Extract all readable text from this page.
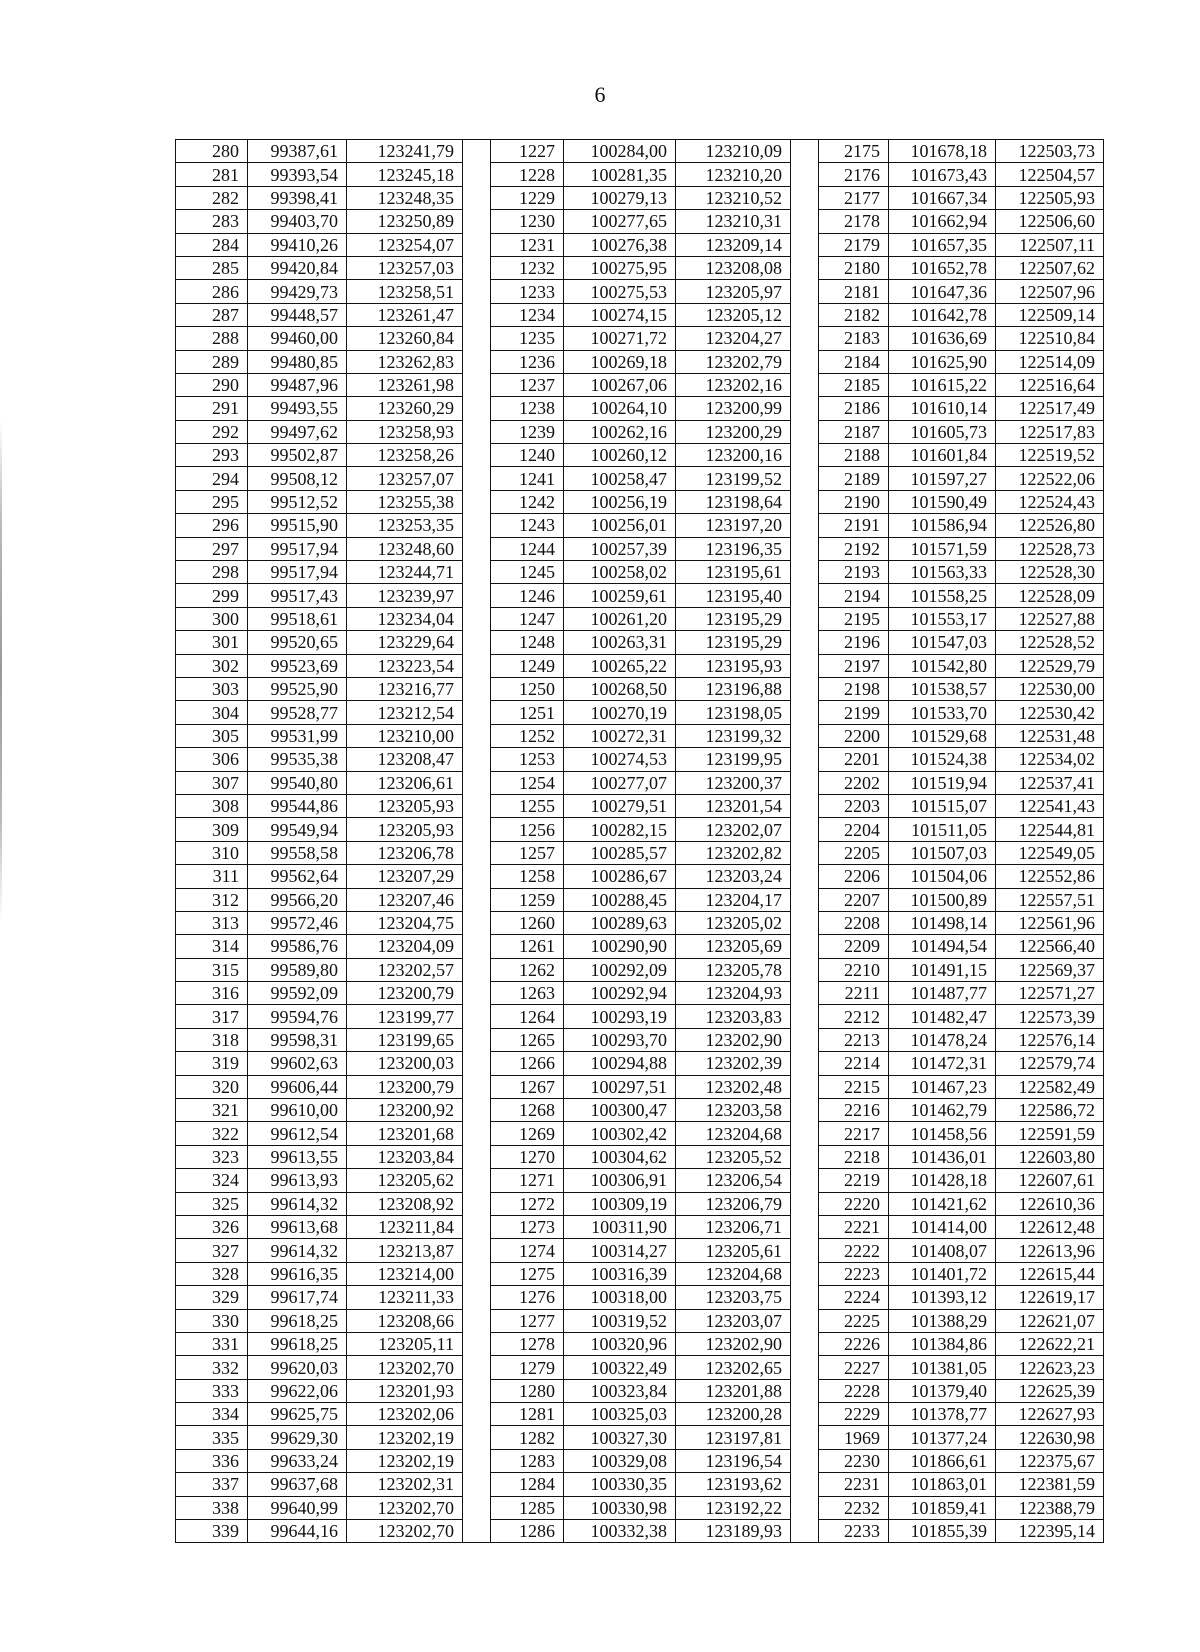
6
280	99387,61	123241,79		1227	100284,00	123210,09		2175	101678,18	122503,73
281	99393,54	123245,18		1228	100281,35	123210,20		2176	101673,43	122504,57
282	99398,41	123248,35		1229	100279,13	123210,52		2177	101667,34	122505,93
283	99403,70	123250,89		1230	100277,65	123210,31		2178	101662,94	122506,60
284	99410,26	123254,07		1231	100276,38	123209,14		2179	101657,35	122507,11
285	99420,84	123257,03		1232	100275,95	123208,08		2180	101652,78	122507,62
286	99429,73	123258,51		1233	100275,53	123205,97		2181	101647,36	122507,96
287	99448,57	123261,47		1234	100274,15	123205,12		2182	101642,78	122509,14
288	99460,00	123260,84		1235	100271,72	123204,27		2183	101636,69	122510,84
289	99480,85	123262,83		1236	100269,18	123202,79		2184	101625,90	122514,09
290	99487,96	123261,98		1237	100267,06	123202,16		2185	101615,22	122516,64
291	99493,55	123260,29		1238	100264,10	123200,99		2186	101610,14	122517,49
292	99497,62	123258,93		1239	100262,16	123200,29		2187	101605,73	122517,83
293	99502,87	123258,26		1240	100260,12	123200,16		2188	101601,84	122519,52
294	99508,12	123257,07		1241	100258,47	123199,52		2189	101597,27	122522,06
295	99512,52	123255,38		1242	100256,19	123198,64		2190	101590,49	122524,43
296	99515,90	123253,35		1243	100256,01	123197,20		2191	101586,94	122526,80
297	99517,94	123248,60		1244	100257,39	123196,35		2192	101571,59	122528,73
298	99517,94	123244,71		1245	100258,02	123195,61		2193	101563,33	122528,30
299	99517,43	123239,97		1246	100259,61	123195,40		2194	101558,25	122528,09
300	99518,61	123234,04		1247	100261,20	123195,29		2195	101553,17	122527,88
301	99520,65	123229,64		1248	100263,31	123195,29		2196	101547,03	122528,52
302	99523,69	123223,54		1249	100265,22	123195,93		2197	101542,80	122529,79
303	99525,90	123216,77		1250	100268,50	123196,88		2198	101538,57	122530,00
304	99528,77	123212,54		1251	100270,19	123198,05		2199	101533,70	122530,42
305	99531,99	123210,00		1252	100272,31	123199,32		2200	101529,68	122531,48
306	99535,38	123208,47		1253	100274,53	123199,95		2201	101524,38	122534,02
307	99540,80	123206,61		1254	100277,07	123200,37		2202	101519,94	122537,41
308	99544,86	123205,93		1255	100279,51	123201,54		2203	101515,07	122541,43
309	99549,94	123205,93		1256	100282,15	123202,07		2204	101511,05	122544,81
310	99558,58	123206,78		1257	100285,57	123202,82		2205	101507,03	122549,05
311	99562,64	123207,29		1258	100286,67	123203,24		2206	101504,06	122552,86
312	99566,20	123207,46		1259	100288,45	123204,17		2207	101500,89	122557,51
313	99572,46	123204,75		1260	100289,63	123205,02		2208	101498,14	122561,96
314	99586,76	123204,09		1261	100290,90	123205,69		2209	101494,54	122566,40
315	99589,80	123202,57		1262	100292,09	123205,78		2210	101491,15	122569,37
316	99592,09	123200,79		1263	100292,94	123204,93		2211	101487,77	122571,27
317	99594,76	123199,77		1264	100293,19	123203,83		2212	101482,47	122573,39
318	99598,31	123199,65		1265	100293,70	123202,90		2213	101478,24	122576,14
319	99602,63	123200,03		1266	100294,88	123202,39		2214	101472,31	122579,74
320	99606,44	123200,79		1267	100297,51	123202,48		2215	101467,23	122582,49
321	99610,00	123200,92		1268	100300,47	123203,58		2216	101462,79	122586,72
322	99612,54	123201,68		1269	100302,42	123204,68		2217	101458,56	122591,59
323	99613,55	123203,84		1270	100304,62	123205,52		2218	101436,01	122603,80
324	99613,93	123205,62		1271	100306,91	123206,54		2219	101428,18	122607,61
325	99614,32	123208,92		1272	100309,19	123206,79		2220	101421,62	122610,36
326	99613,68	123211,84		1273	100311,90	123206,71		2221	101414,00	122612,48
327	99614,32	123213,87		1274	100314,27	123205,61		2222	101408,07	122613,96
328	99616,35	123214,00		1275	100316,39	123204,68		2223	101401,72	122615,44
329	99617,74	123211,33		1276	100318,00	123203,75		2224	101393,12	122619,17
330	99618,25	123208,66		1277	100319,52	123203,07		2225	101388,29	122621,07
331	99618,25	123205,11		1278	100320,96	123202,90		2226	101384,86	122622,21
332	99620,03	123202,70		1279	100322,49	123202,65		2227	101381,05	122623,23
333	99622,06	123201,93		1280	100323,84	123201,88		2228	101379,40	122625,39
334	99625,75	123202,06		1281	100325,03	123200,28		2229	101378,77	122627,93
335	99629,30	123202,19		1282	100327,30	123197,81		1969	101377,24	122630,98
336	99633,24	123202,19		1283	100329,08	123196,54		2230	101866,61	122375,67
337	99637,68	123202,31		1284	100330,35	123193,62		2231	101863,01	122381,59
338	99640,99	123202,70		1285	100330,98	123192,22		2232	101859,41	122388,79
339	99644,16	123202,70		1286	100332,38	123189,93		2233	101855,39	122395,14
